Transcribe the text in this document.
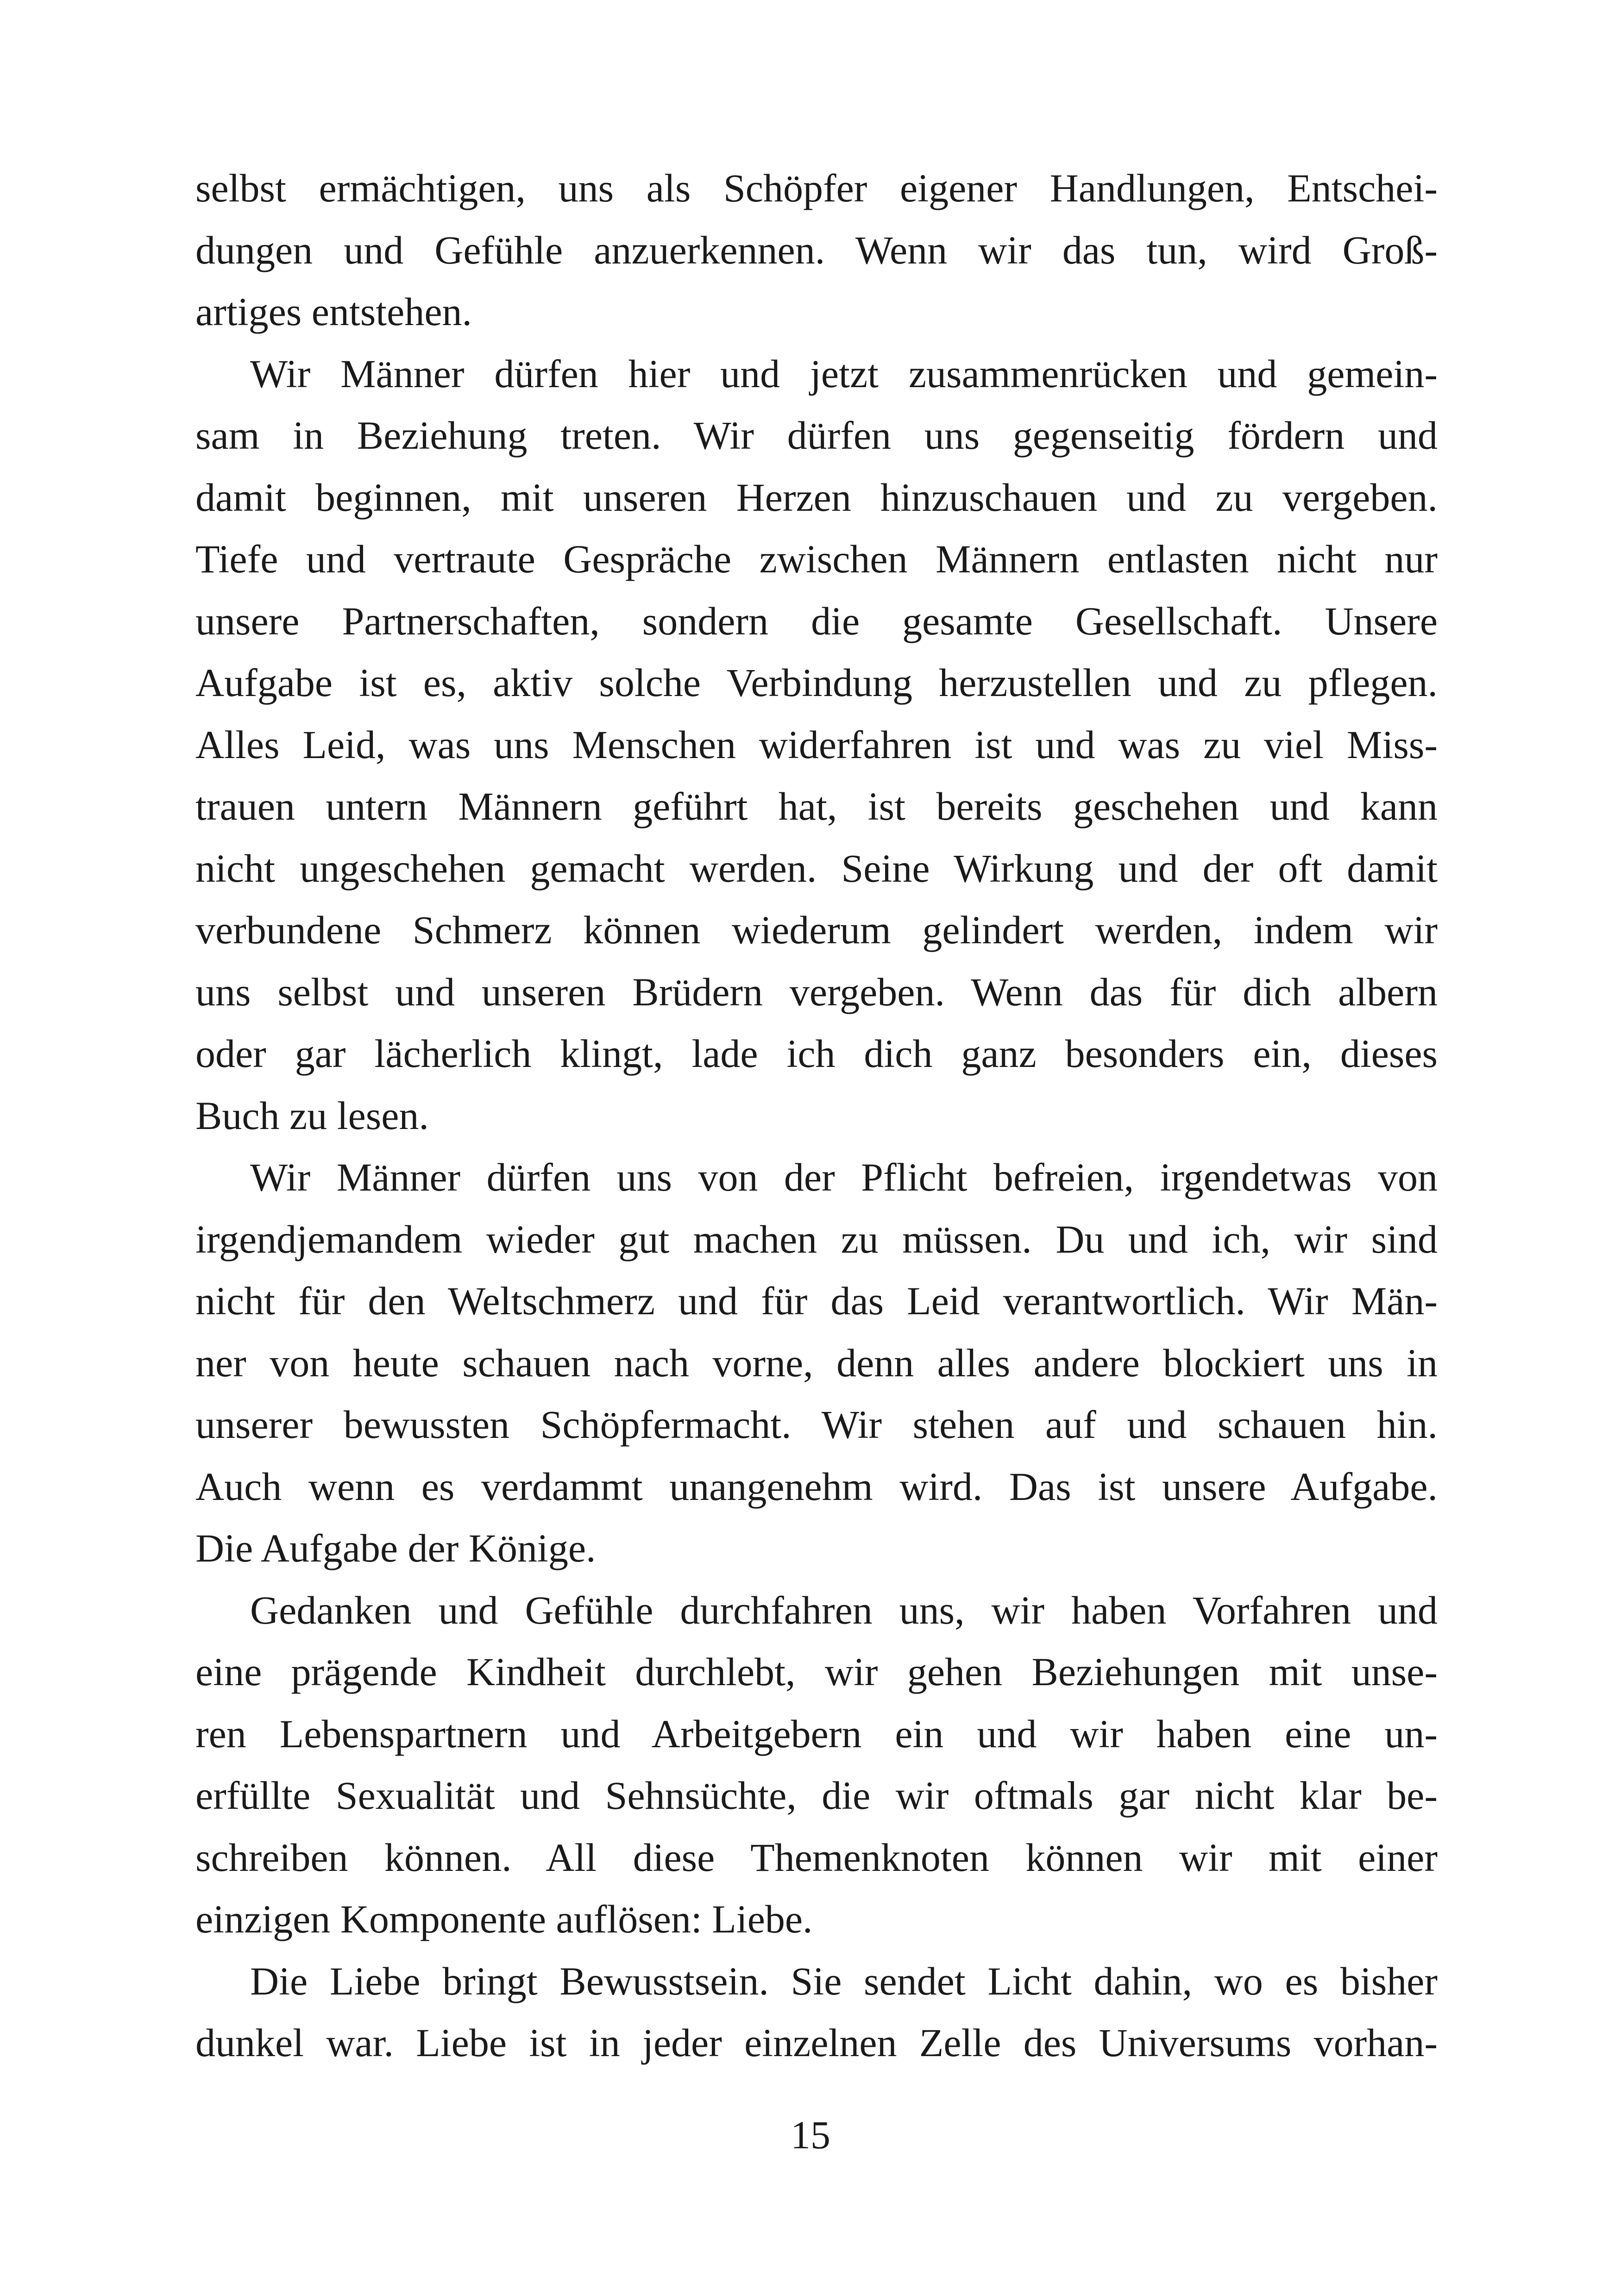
selbst ermächtigen, uns als Schöpfer eigener Handlungen, Entschei-
dungen und Gefühle anzuerkennen. Wenn wir das tun, wird Groß-
artiges entstehen.
Wir Männer dürfen hier und jetzt zusammenrücken und gemein-
sam in Beziehung treten. Wir dürfen uns gegenseitig fördern und
damit beginnen, mit unseren Herzen hinzuschauen und zu vergeben.
Tiefe und vertraute Gespräche zwischen Männern entlasten nicht nur
unsere Partnerschaften, sondern die gesamte Gesellschaft. Unsere
Aufgabe ist es, aktiv solche Verbindung herzustellen und zu pflegen.
Alles Leid, was uns Menschen widerfahren ist und was zu viel Miss-
trauen untern Männern geführt hat, ist bereits geschehen und kann
nicht ungeschehen gemacht werden. Seine Wirkung und der oft damit
verbundene Schmerz können wiederum gelindert werden, indem wir
uns selbst und unseren Brüdern vergeben. Wenn das für dich albern
oder gar lächerlich klingt, lade ich dich ganz besonders ein, dieses
Buch zu lesen.
Wir Männer dürfen uns von der Pflicht befreien, irgendetwas von
irgendjemandem wieder gut machen zu müssen. Du und ich, wir sind
nicht für den Weltschmerz und für das Leid verantwortlich. Wir Män-
ner von heute schauen nach vorne, denn alles andere blockiert uns in
unserer bewussten Schöpfermacht. Wir stehen auf und schauen hin.
Auch wenn es verdammt unangenehm wird. Das ist unsere Aufgabe.
Die Aufgabe der Könige.
Gedanken und Gefühle durchfahren uns, wir haben Vorfahren und
eine prägende Kindheit durchlebt, wir gehen Beziehungen mit unse-
ren Lebenspartnern und Arbeitgebern ein und wir haben eine un-
erfüllte Sexualität und Sehnsüchte, die wir oftmals gar nicht klar be-
schreiben können. All diese Themenknoten können wir mit einer
einzigen Komponente auflösen: Liebe.
Die Liebe bringt Bewusstsein. Sie sendet Licht dahin, wo es bisher
dunkel war. Liebe ist in jeder einzelnen Zelle des Universums vorhan-
15
